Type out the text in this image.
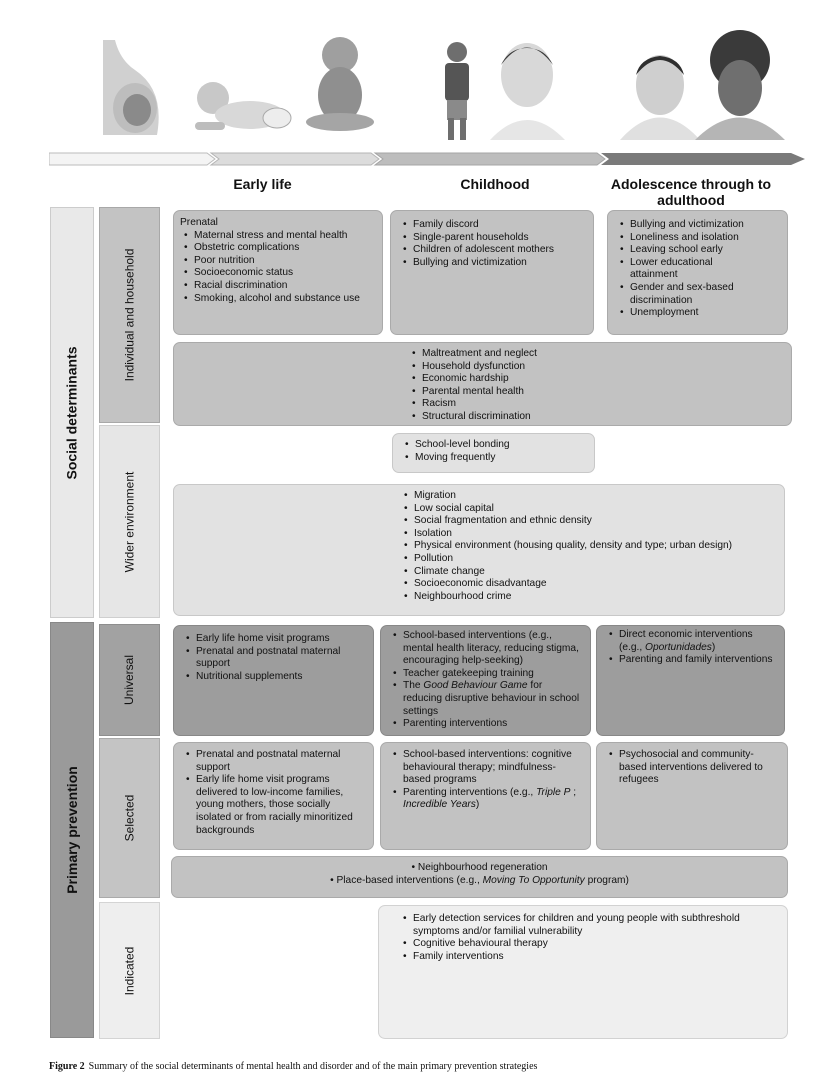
Early life	Childhood	Adolescence through to adulthood
Social determinants
Primary prevention
Individual and household
Wider environment
Universal
Selected
Indicated
Prenatal
• Maternal stress and mental health
• Obstetric complications
• Poor nutrition
• Socioeconomic status
• Racial discrimination
• Smoking, alcohol and substance use
• Family discord
• Single-parent households
• Children of adolescent mothers
• Bullying and victimization
• Bullying and victimization
• Loneliness and isolation
• Leaving school early
• Lower educational attainment
• Gender and sex-based discrimination
• Unemployment
• Maltreatment and neglect
• Household dysfunction
• Economic hardship
• Parental mental health
• Racism
• Structural discrimination
• School-level bonding
• Moving frequently
• Migration
• Low social capital
• Social fragmentation and ethnic density
• Isolation
• Physical environment (housing quality, density and type; urban design)
• Pollution
• Climate change
• Socioeconomic disadvantage
• Neighbourhood crime
• Early life home visit programs
• Prenatal and postnatal maternal support
• Nutritional supplements
• School-based interventions (e.g., mental health literacy, reducing stigma, encouraging help-seeking)
• Teacher gatekeeping training
• The Good Behaviour Game for reducing disruptive behaviour in school settings
• Parenting interventions
• Direct economic interventions (e.g., Oportunidades)
• Parenting and family interventions
• Prenatal and postnatal maternal support
• Early life home visit programs delivered to low-income families, young mothers, those socially isolated or from racially minoritized backgrounds
• School-based interventions: cognitive behavioural therapy; mindfulness-based programs
• Parenting interventions (e.g., Triple P ; Incredible Years)
• Psychosocial and community-based interventions delivered to refugees
• Neighbourhood regeneration
• Place-based interventions (e.g., Moving To Opportunity program)
• Early detection services for children and young people with subthreshold symptoms and/or familial vulnerability
• Cognitive behavioural therapy
• Family interventions
Figure 2 Summary of the social determinants of mental health and disorder and of the main primary prevention strategies
